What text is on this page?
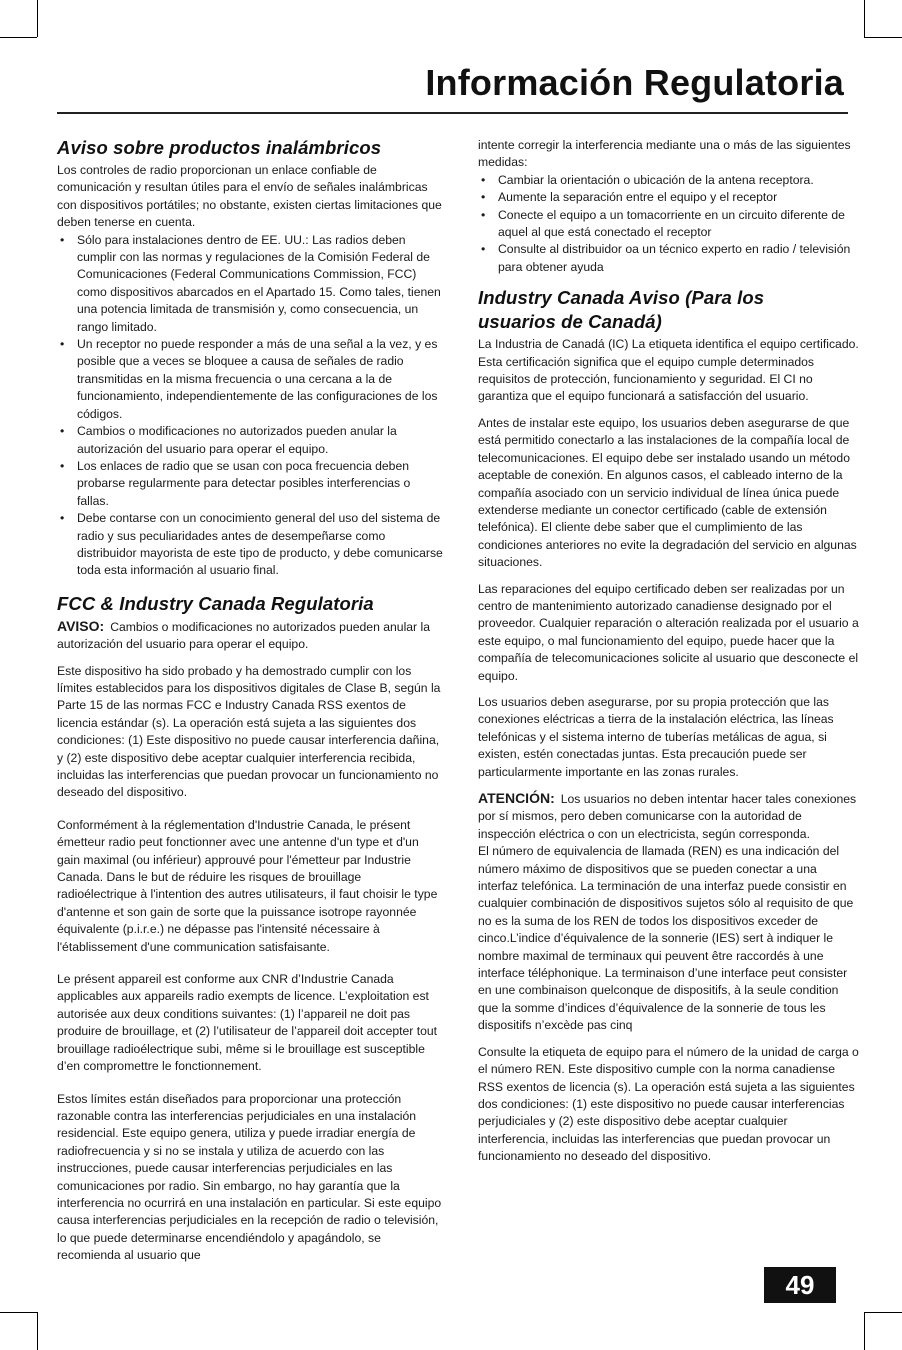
Información Regulatoria
Aviso sobre productos inalámbricos

Los controles de radio proporcionan un enlace confiable de comunicación y resultan útiles para el envío de señales inalámbricas con dispositivos portátiles; no obstante, existen ciertas limitaciones que deben tenerse en cuenta.

• Sólo para instalaciones dentro de EE. UU.: Las radios deben cumplir con las normas y regulaciones de la Comisión Federal de Comunicaciones (Federal Communications Commission, FCC) como dispositivos abarcados en el Apartado 15. Como tales, tienen una potencia limitada de transmisión y, como consecuencia, un rango limitado.
• Un receptor no puede responder a más de una señal a la vez, y es posible que a veces se bloquee a causa de señales de radio transmitidas en la misma frecuencia o una cercana a la de funcionamiento, independientemente de las configuraciones de los códigos.
• Cambios o modificaciones no autorizados pueden anular la autorización del usuario para operar el equipo.
• Los enlaces de radio que se usan con poca frecuencia deben probarse regularmente para detectar posibles interferencias o fallas.
• Debe contarse con un conocimiento general del uso del sistema de radio y sus peculiaridades antes de desempeñarse como distribuidor mayorista de este tipo de producto, y debe comunicarse toda esta información al usuario final.
FCC & Industry Canada Regulatoria

AVISO: Cambios o modificaciones no autorizados pueden anular la autorización del usuario para operar el equipo.

Este dispositivo ha sido probado y ha demostrado cumplir con los límites establecidos para los dispositivos digitales de Clase B, según la Parte 15 de las normas FCC e Industry Canada RSS exentos de licencia estándar (s). La operación está sujeta a las siguientes dos condiciones: (1) Este dispositivo no puede causar interferencia dañina, y (2) este dispositivo debe aceptar cualquier interferencia recibida, incluidas las interferencias que puedan provocar un funcionamiento no deseado del dispositivo.

Conformément à la réglementation d'Industrie Canada, le présent émetteur radio peut fonctionner avec une antenne d'un type et d'un gain maximal (ou inférieur) approuvé pour l'émetteur par Industrie Canada. Dans le but de réduire les risques de brouillage radioélectrique à l'intention des autres utilisateurs, il faut choisir le type d'antenne et son gain de sorte que la puissance isotrope rayonnée équivalente (p.i.r.e.) ne dépasse pas l'intensité nécessaire à l'établissement d'une communication satisfaisante.

Le présent appareil est conforme aux CNR d’Industrie Canada applicables aux appareils radio exempts de licence. L’exploitation est autorisée aux deux conditions suivantes: (1) l’appareil ne doit pas produire de brouillage, et (2) l’utilisateur de l’appareil doit accepter tout brouillage radioélectrique subi, même si le brouillage est susceptible d’en compromettre le fonctionnement.

Estos límites están diseñados para proporcionar una protección razonable contra las interferencias perjudiciales en una instalación residencial. Este equipo genera, utiliza y puede irradiar energía de radiofrecuencia y si no se instala y utiliza de acuerdo con las instrucciones, puede causar interferencias perjudiciales en las comunicaciones por radio. Sin embargo, no hay garantía que la interferencia no ocurrirá en una instalación en particular. Si este equipo causa interferencias perjudiciales en la recepción de radio o televisión, lo que puede determinarse encendiéndolo y apagándolo, se recomienda al usuario que

intente corregir la interferencia mediante una o más de las siguientes medidas:

• Cambiar la orientación o ubicación de la antena receptora.
• Aumente la separación entre el equipo y el receptor
• Conecte el equipo a un tomacorriente en un circuito diferente de aquel al que está conectado el receptor
• Consulte al distribuidor oa un técnico experto en radio / televisión para obtener ayuda
Industry Canada Aviso (Para los usuarios de Canadá)

La Industria de Canadá (IC) La etiqueta identifica el equipo certificado. Esta certificación significa que el equipo cumple determinados requisitos de protección, funcionamiento y seguridad. El CI no garantiza que el equipo funcionará a satisfacción del usuario.

Antes de instalar este equipo, los usuarios deben asegurarse de que está permitido conectarlo a las instalaciones de la compañía local de telecomunicaciones. El equipo debe ser instalado usando un método aceptable de conexión. En algunos casos, el cableado interno de la compañía asociado con un servicio individual de línea única puede extenderse mediante un conector certificado (cable de extensión telefónica). El cliente debe saber que el cumplimiento de las condiciones anteriores no evite la degradación del servicio en algunas situaciones.

Las reparaciones del equipo certificado deben ser realizadas por un centro de mantenimiento autorizado canadiense designado por el proveedor. Cualquier reparación o alteración realizada por el usuario a este equipo, o mal funcionamiento del equipo, puede hacer que la compañía de telecomunicaciones solicite al usuario que desconecte el equipo.

Los usuarios deben asegurarse, por su propia protección que las conexiones eléctricas a tierra de la instalación eléctrica, las líneas telefónicas y el sistema interno de tuberías metálicas de agua, si existen, estén conectadas juntas. Esta precaución puede ser particularmente importante en las zonas rurales.

ATENCIÓN: Los usuarios no deben intentar hacer tales conexiones por sí mismos, pero deben comunicarse con la autoridad de inspección eléctrica o con un electricista, según corresponda.

El número de equivalencia de llamada (REN) es una indicación del número máximo de dispositivos que se pueden conectar a una interfaz telefónica. La terminación de una interfaz puede consistir en cualquier combinación de dispositivos sujetos sólo al requisito de que no es la suma de los REN de todos los dispositivos exceder de cinco.L’indice d’équivalence de la sonnerie (IES) sert à indiquer le nombre maximal de terminaux qui peuvent être raccordés à une interface téléphonique. La terminaison d’une interface peut consister en une combinaison quelconque de dispositifs, à la seule condition que la somme d’indices d’équivalence de la sonnerie de tous les dispositifs n’excède pas cinq

Consulte la etiqueta de equipo para el número de la unidad de carga o el número REN. Este dispositivo cumple con la norma canadiense RSS exentos de licencia (s). La operación está sujeta a las siguientes dos condiciones: (1) este dispositivo no puede causar interferencias perjudiciales y (2) este dispositivo debe aceptar cualquier interferencia, incluidas las interferencias que puedan provocar un funcionamiento no deseado del dispositivo.

49
